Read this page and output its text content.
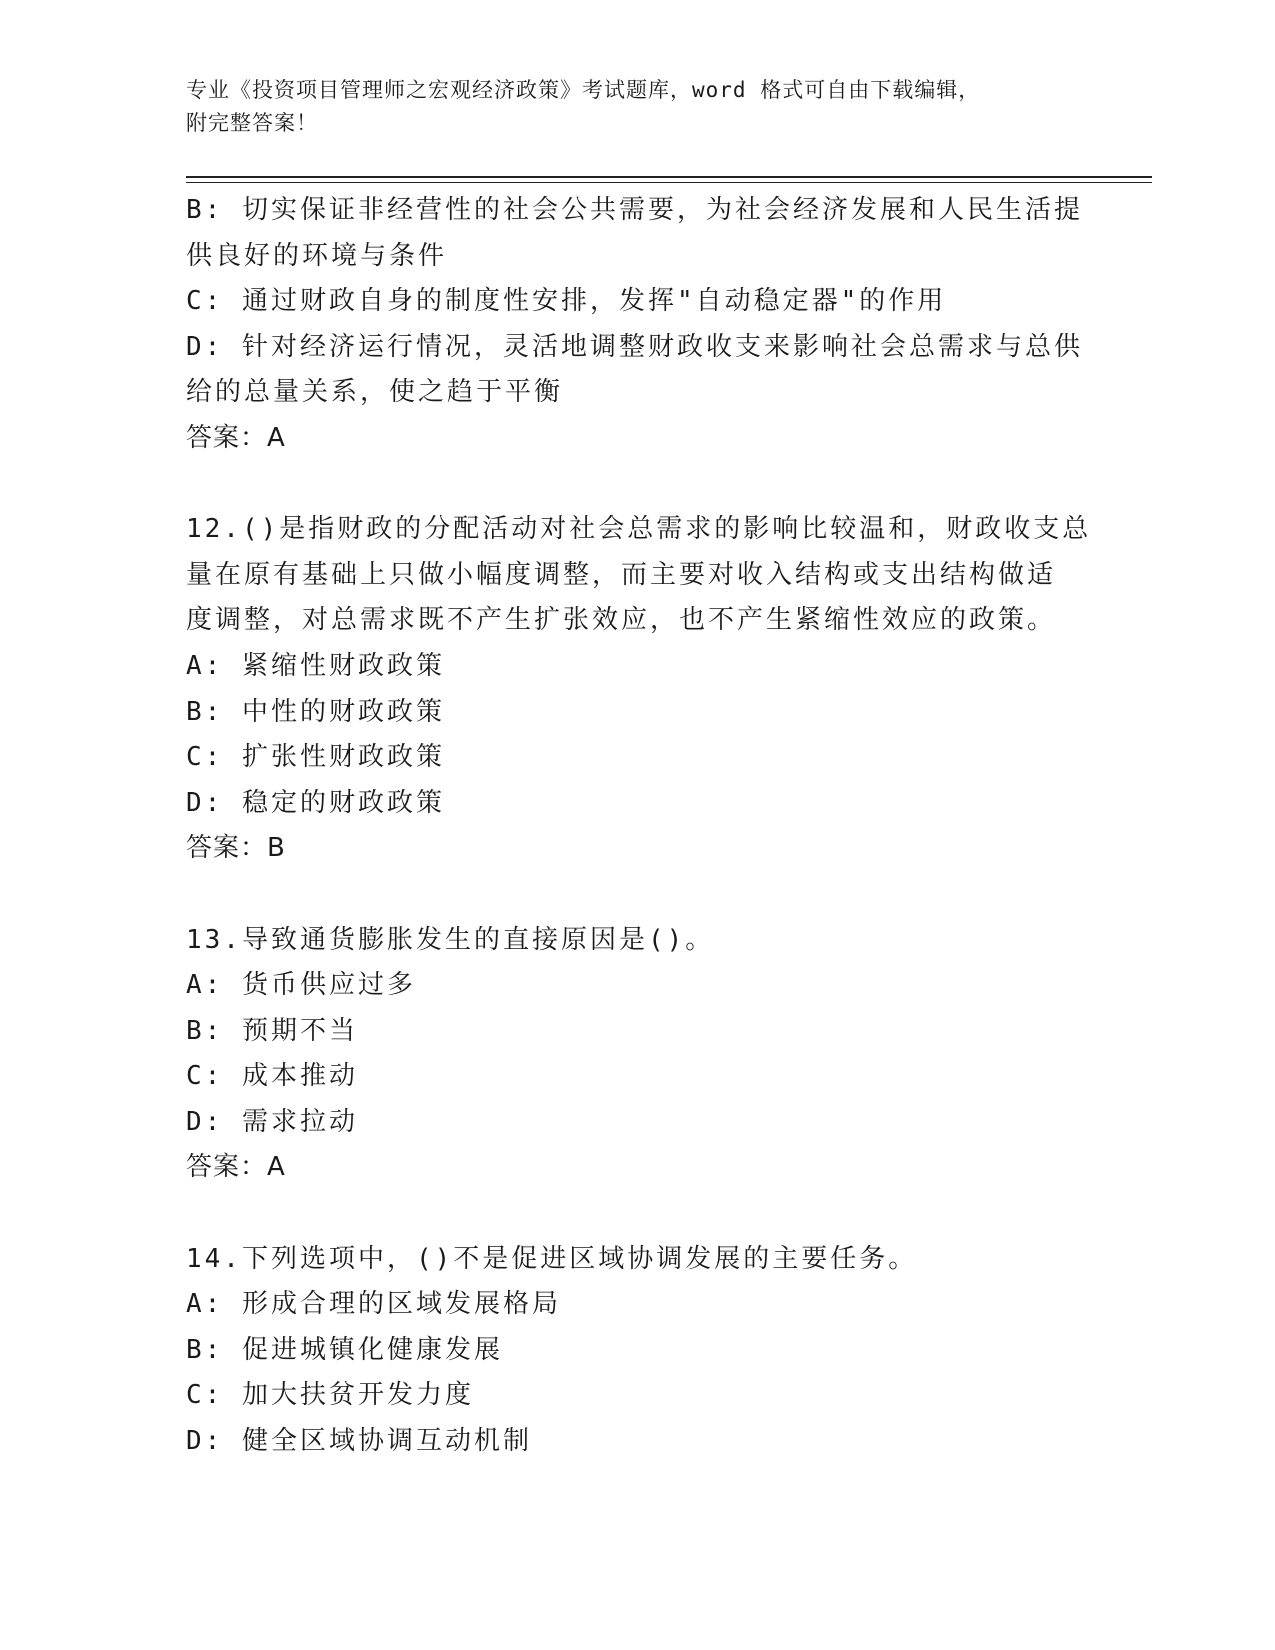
专业《投资项目管理师之宏观经济政策》考试题库，word 格式可自由下载编辑，
附完整答案！
B: 切实保证非经营性的社会公共需要，为社会经济发展和人民生活提
供良好的环境与条件
C: 通过财政自身的制度性安排，发挥"自动稳定器"的作用
D: 针对经济运行情况，灵活地调整财政收支来影响社会总需求与总供
给的总量关系，使之趋于平衡
答案：A
12.()是指财政的分配活动对社会总需求的影响比较温和，财政收支总
量在原有基础上只做小幅度调整，而主要对收入结构或支出结构做适
度调整，对总需求既不产生扩张效应，也不产生紧缩性效应的政策。
A: 紧缩性财政政策
B: 中性的财政政策
C: 扩张性财政政策
D: 稳定的财政政策
答案：B
13.导致通货膨胀发生的直接原因是()。
A: 货币供应过多
B: 预期不当
C: 成本推动
D: 需求拉动
答案：A
14.下列选项中，()不是促进区域协调发展的主要任务。
A: 形成合理的区域发展格局
B: 促进城镇化健康发展
C: 加大扶贫开发力度
D: 健全区域协调互动机制
